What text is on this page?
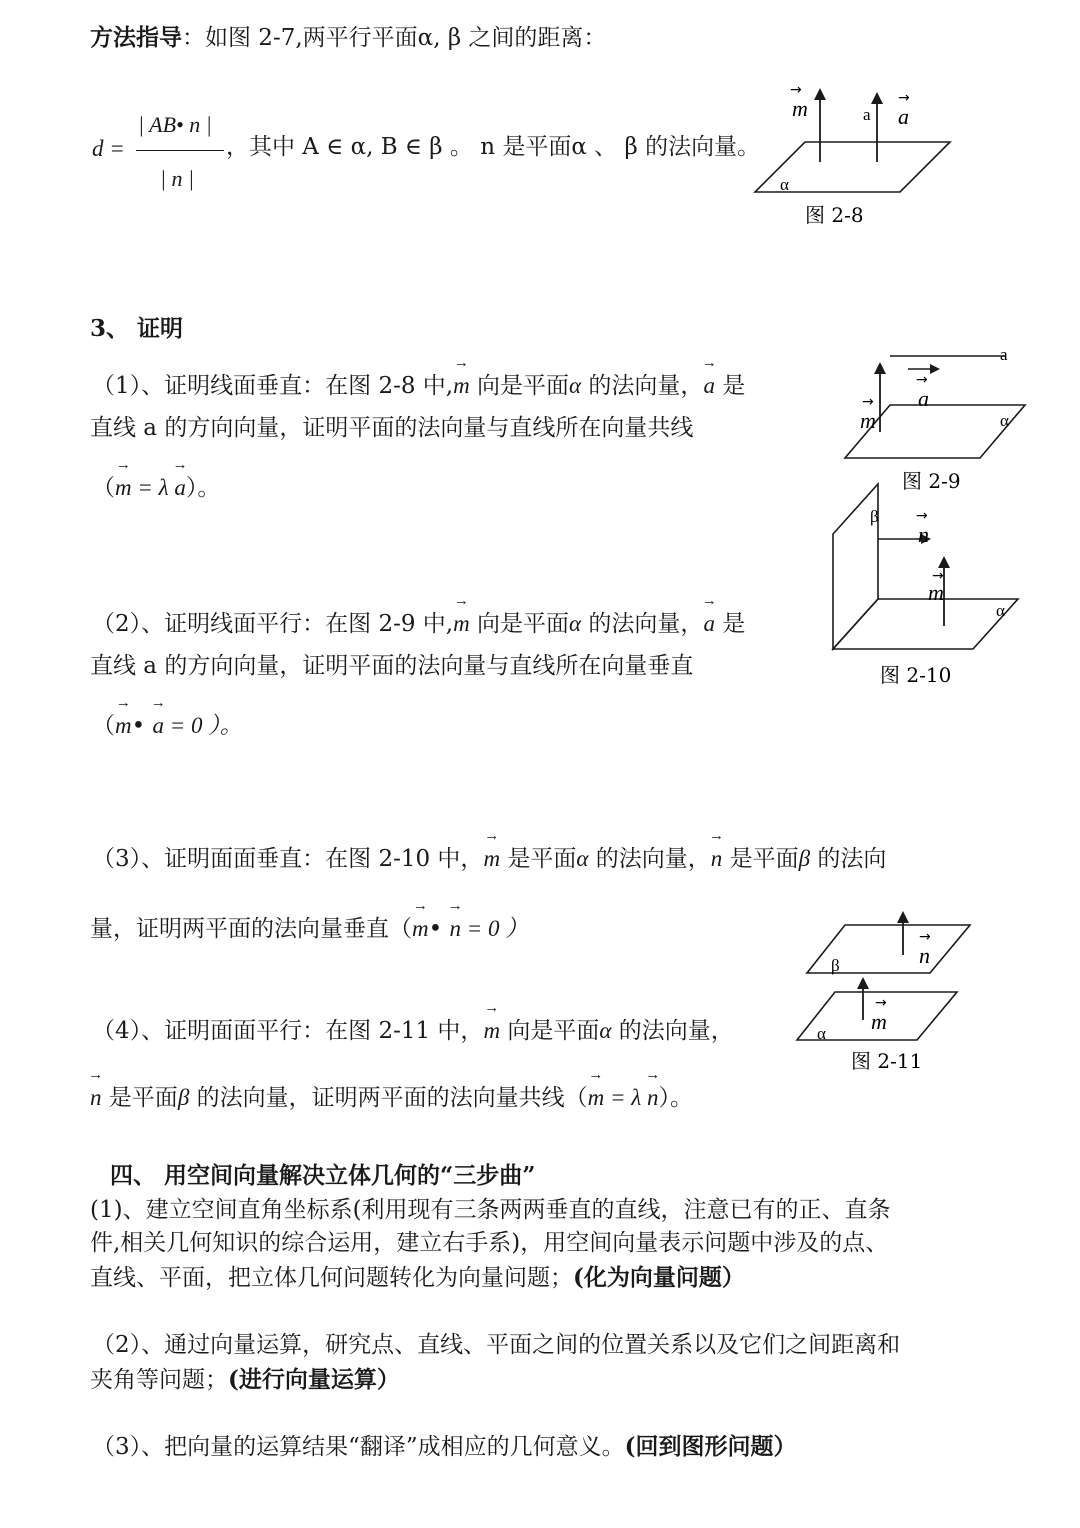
方法指导：如图 2-7,两平行平面α, β 之间的距离：
d =
| AB• n |
| n |
，其中 A ∈ α, B ∈ β 。 n 是平面α 、 β 的法向量。
→
m	a
→
a
α
图 2-8
3、 证明
（1）、证明线面垂直：在图 2-8 中,→ m 向是平面α 的法向量，→ a 是
直线 a 的方向向量，证明平面的法向量与直线所在向量共线
（→ m = λ → a）。
a
→
a
→
m	α
图 2-9
β	→
n
→
m
α
图 2-10
（2）、证明线面平行：在图 2-9 中,→ m 向是平面α 的法向量，→ a 是
直线 a 的方向向量，证明平面的法向量与直线所在向量垂直
（→ m• → a = 0 ）。
（3）、证明面面垂直：在图 2-10 中，→ m 是平面α 的法向量，→ n 是平面β 的法向
量，证明两平面的法向量垂直（→ m• → n = 0 ）	→
n
β
→
m
α
图 2-11
（4）、证明面面平行：在图 2-11 中，→ m 向是平面α 的法向量，
→ n 是平面β 的法向量，证明两平面的法向量共线（→ m = λ → n）。
四、 用空间向量解决立体几何的“三步曲”
(1)、建立空间直角坐标系(利用现有三条两两垂直的直线，注意已有的正、直条
件,相关几何知识的综合运用，建立右手系)，用空间向量表示问题中涉及的点、
直线、平面，把立体几何问题转化为向量问题；(化为向量问题）
（2）、通过向量运算，研究点、直线、平面之间的位置关系以及它们之间距离和
夹角等问题；(进行向量运算）
（3）、把向量的运算结果“翻译”成相应的几何意义。(回到图形问题）
